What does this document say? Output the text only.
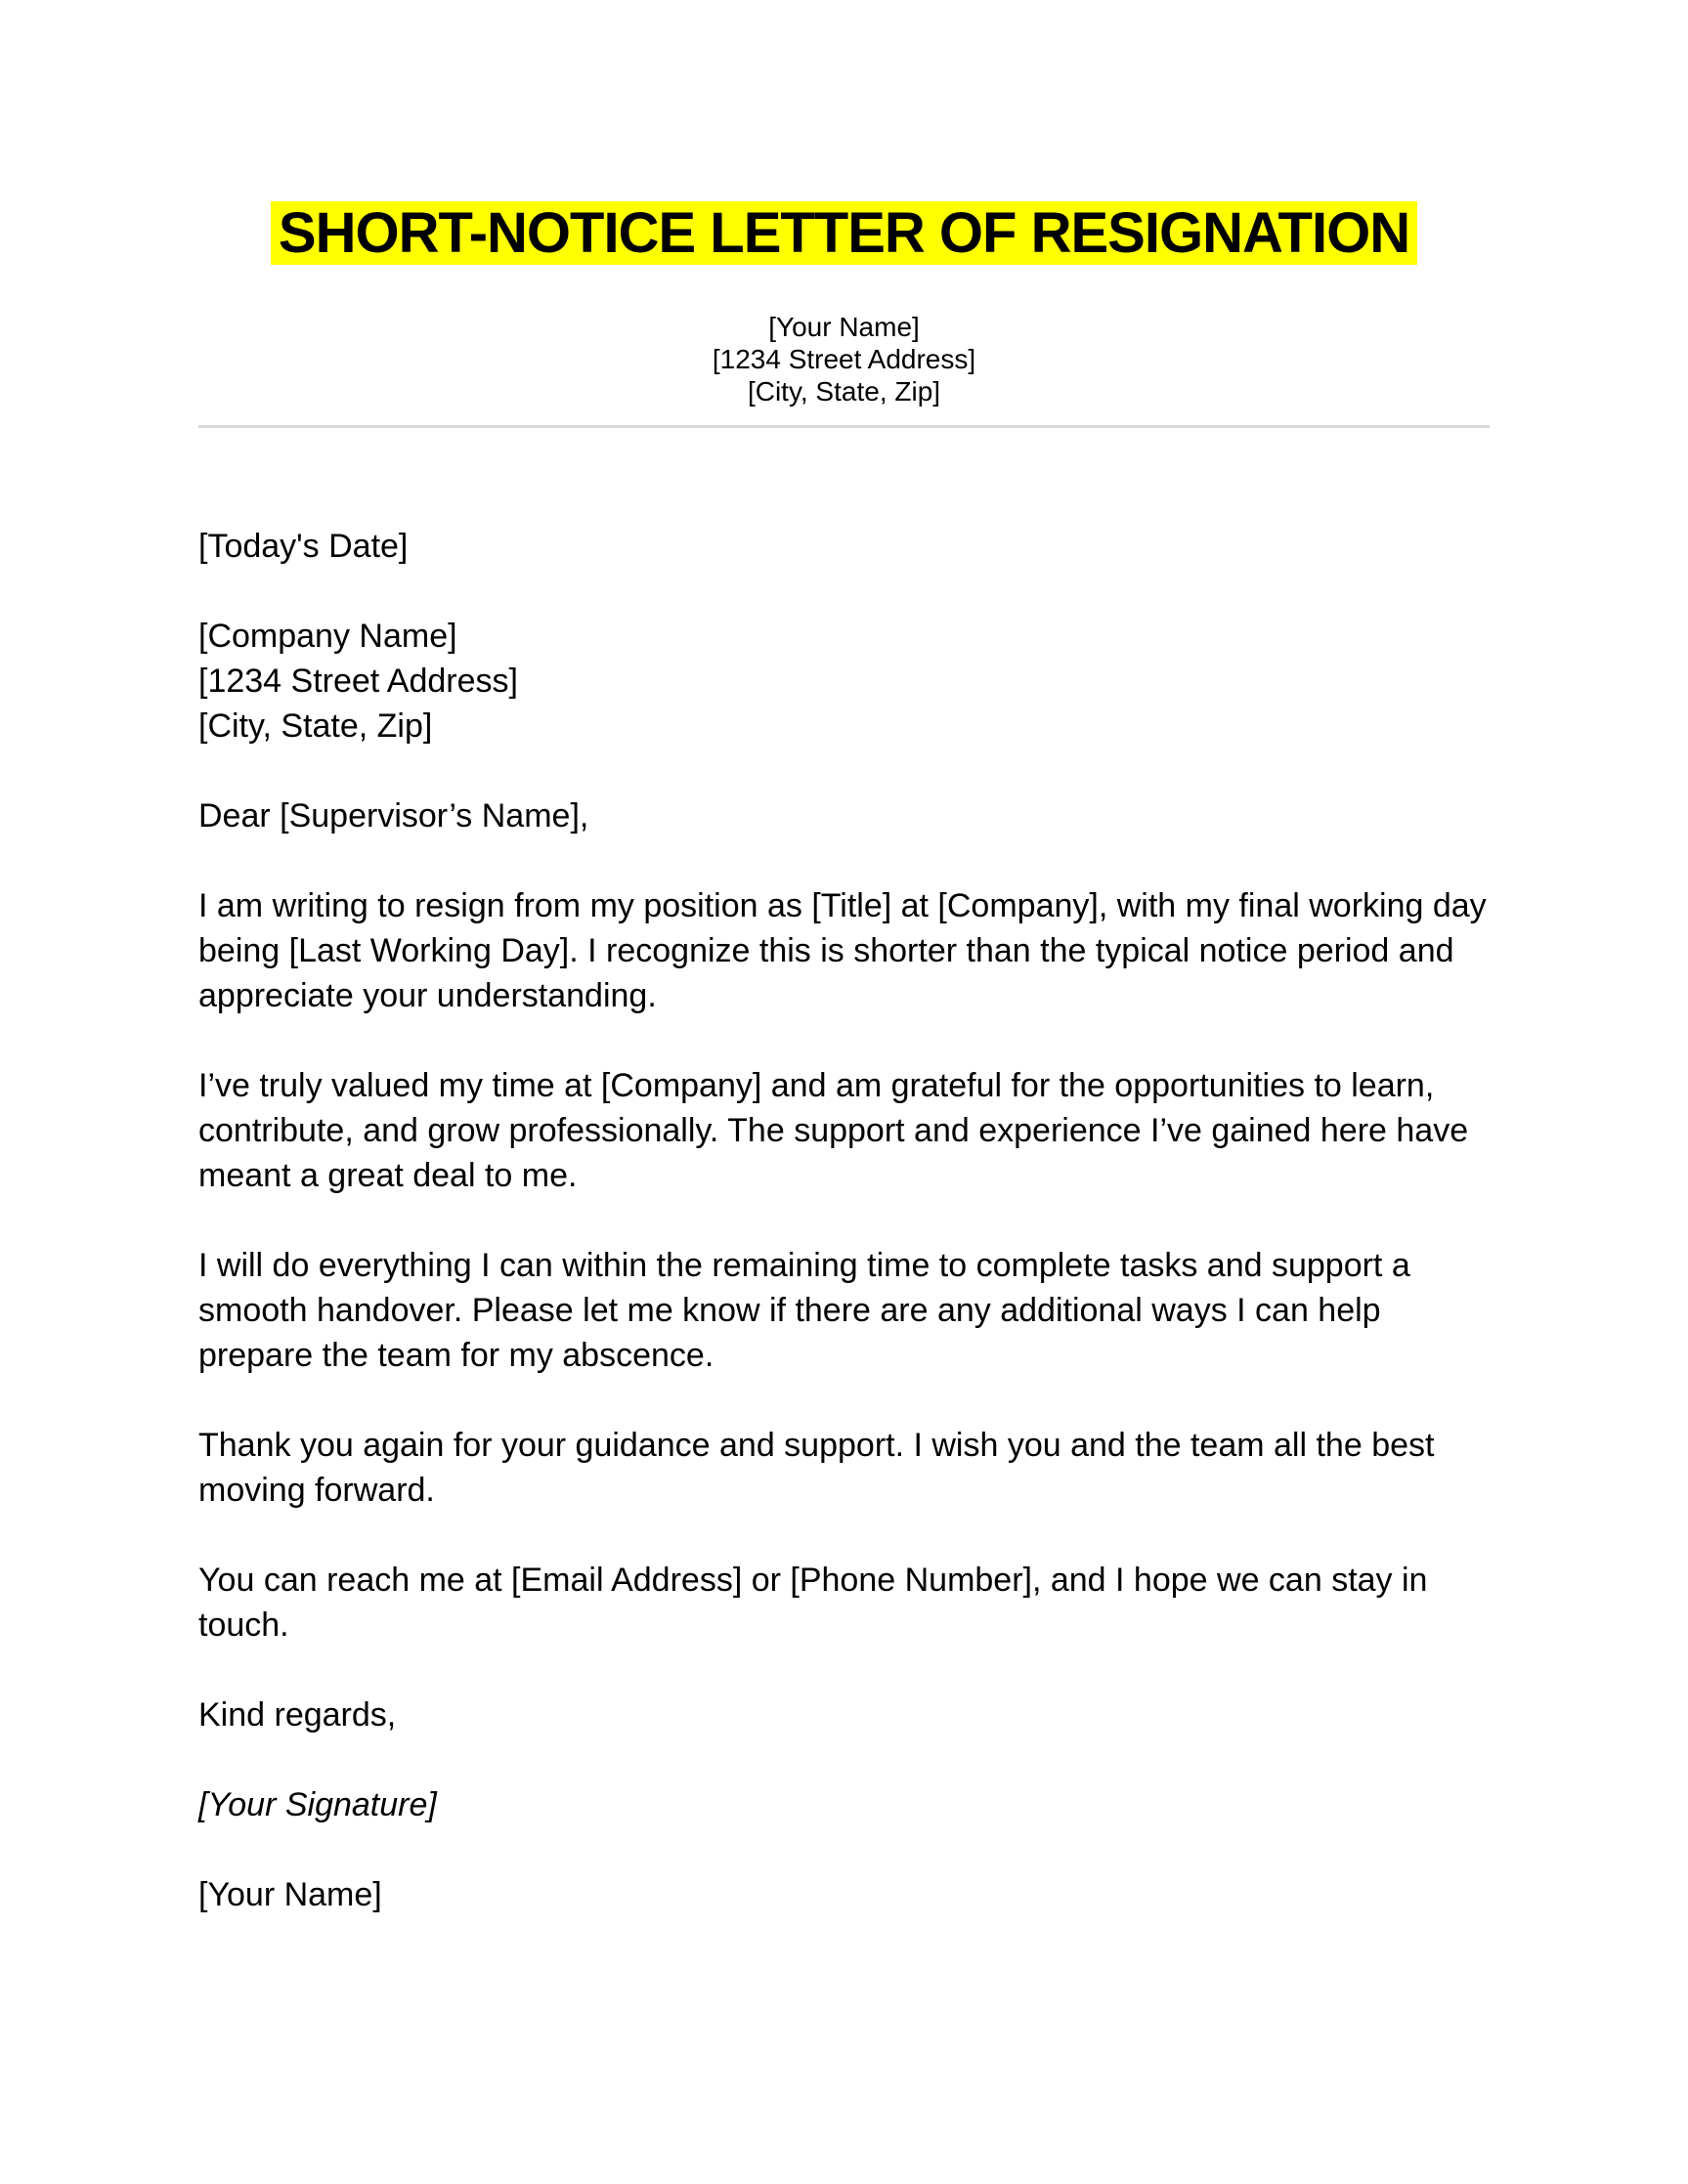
SHORT-NOTICE LETTER OF RESIGNATION
[Your Name]
[1234 Street Address]
[City, State, Zip]

[Today's Date]

[Company Name]
[1234 Street Address]
[City, State, Zip]

Dear [Supervisor’s Name],

I am writing to resign from my position as [Title] at [Company], with my final working day being [Last Working Day]. I recognize this is shorter than the typical notice period and appreciate your understanding.

I’ve truly valued my time at [Company] and am grateful for the opportunities to learn, contribute, and grow professionally. The support and experience I’ve gained here have meant a great deal to me.

I will do everything I can within the remaining time to complete tasks and support a smooth handover. Please let me know if there are any additional ways I can help prepare the team for my abscence.

Thank you again for your guidance and support. I wish you and the team all the best moving forward.

You can reach me at [Email Address] or [Phone Number], and I hope we can stay in touch.

Kind regards,

[Your Signature]

[Your Name]
